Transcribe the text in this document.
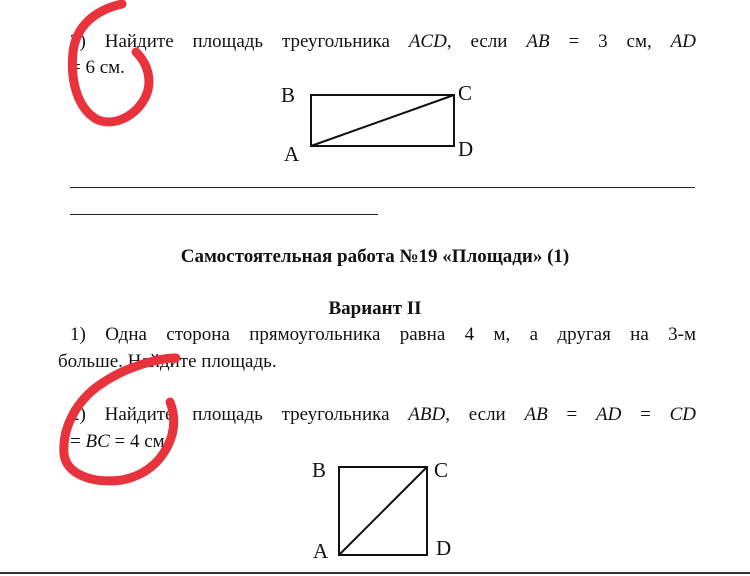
2) Найдите площадь треугольника ACD, если AB = 3 см, AD
= 6 см.
B	C
A	D
Самостоятельная работа №19 «Площади» (1)
Вариант II
1) Одна сторона прямоугольника равна 4 м, а другая на 3-м
больше. Найдите площадь.
2) Найдите площадь треугольника ABD, если AB = AD = CD
= BC = 4 см.
B	C
A	D
